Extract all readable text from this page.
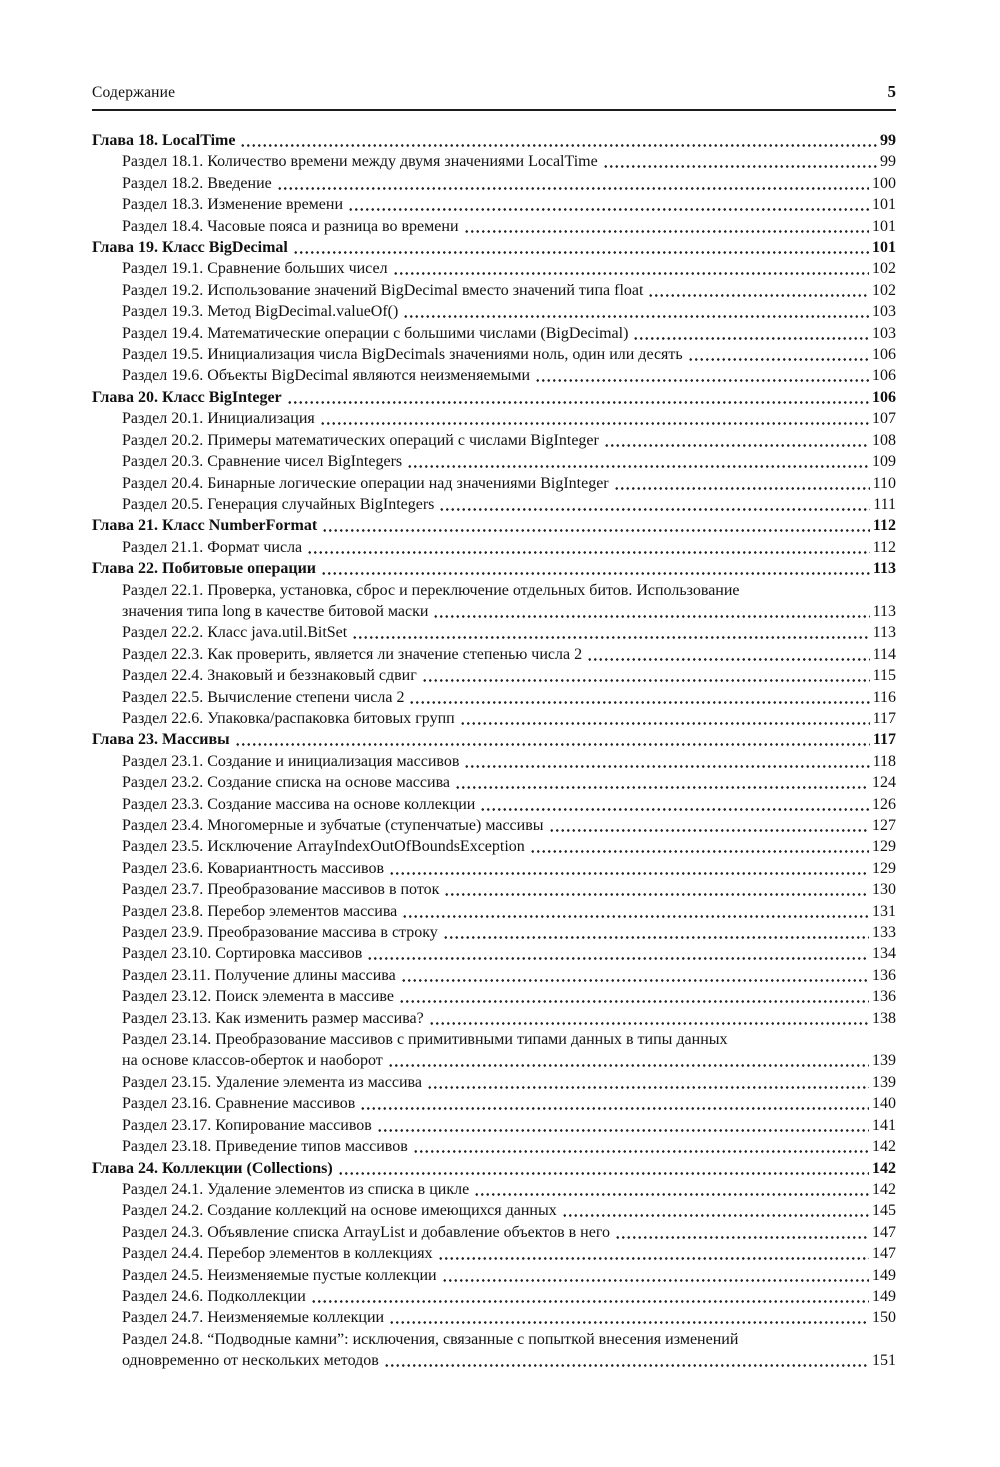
Содержание	5
Глава 18. LocalTime	99
Раздел 18.1. Количество времени между двумя значениями LocalTime	99
Раздел 18.2. Введение	100
Раздел 18.3. Изменение времени	101
Раздел 18.4. Часовые пояса и разница во времени	101
Глава 19. Класс BigDecimal	101
Раздел 19.1. Сравнение больших чисел	102
Раздел 19.2. Использование значений BigDecimal вместо значений типа float	102
Раздел 19.3. Метод BigDecimal.valueOf()	103
Раздел 19.4. Математические операции с большими числами (BigDecimal)	103
Раздел 19.5. Инициализация числа BigDecimals значениями ноль, один или десять	106
Раздел 19.6. Объекты BigDecimal являются неизменяемыми	106
Глава 20. Класс BigInteger	106
Раздел 20.1. Инициализация	107
Раздел 20.2. Примеры математических операций с числами BigInteger	108
Раздел 20.3. Сравнение чисел BigIntegers	109
Раздел 20.4. Бинарные логические операции над значениями BigInteger	110
Раздел 20.5. Генерация случайных BigIntegers	111
Глава 21. Класс NumberFormat	112
Раздел 21.1. Формат числа	112
Глава 22. Побитовые операции	113
Раздел 22.1. Проверка, установка, сброс и переключение отдельных битов. Использование
значения типа long в качестве битовой маски	113
Раздел 22.2. Класс java.util.BitSet	113
Раздел 22.3. Как проверить, является ли значение степенью числа 2	114
Раздел 22.4. Знаковый и беззнаковый сдвиг	115
Раздел 22.5. Вычисление степени числа 2	116
Раздел 22.6. Упаковка/распаковка битовых групп	117
Глава 23. Массивы	117
Раздел 23.1. Создание и инициализация массивов	118
Раздел 23.2. Создание списка на основе массива	124
Раздел 23.3. Создание массива на основе коллекции	126
Раздел 23.4. Многомерные и зубчатые (ступенчатые) массивы	127
Раздел 23.5. Исключение ArrayIndexOutOfBoundsException	129
Раздел 23.6. Ковариантность массивов	129
Раздел 23.7. Преобразование массивов в поток	130
Раздел 23.8. Перебор элементов массива	131
Раздел 23.9. Преобразование массива в строку	133
Раздел 23.10. Сортировка массивов	134
Раздел 23.11. Получение длины массива	136
Раздел 23.12. Поиск элемента в массиве	136
Раздел 23.13. Как изменить размер массива?	138
Раздел 23.14. Преобразование массивов с примитивными типами данных в типы данных
на основе классов-оберток и наоборот	139
Раздел 23.15. Удаление элемента из массива	139
Раздел 23.16. Сравнение массивов	140
Раздел 23.17. Копирование массивов	141
Раздел 23.18. Приведение типов массивов	142
Глава 24. Коллекции (Collections)	142
Раздел 24.1. Удаление элементов из списка в цикле	142
Раздел 24.2. Создание коллекций на основе имеющихся данных	145
Раздел 24.3. Объявление списка ArrayList и добавление объектов в него	147
Раздел 24.4. Перебор элементов в коллекциях	147
Раздел 24.5. Неизменяемые пустые коллекции	149
Раздел 24.6. Подколлекции	149
Раздел 24.7. Неизменяемые коллекции	150
Раздел 24.8. “Подводные камни”: исключения, связанные с попыткой внесения изменений
одновременно от нескольких методов	151
